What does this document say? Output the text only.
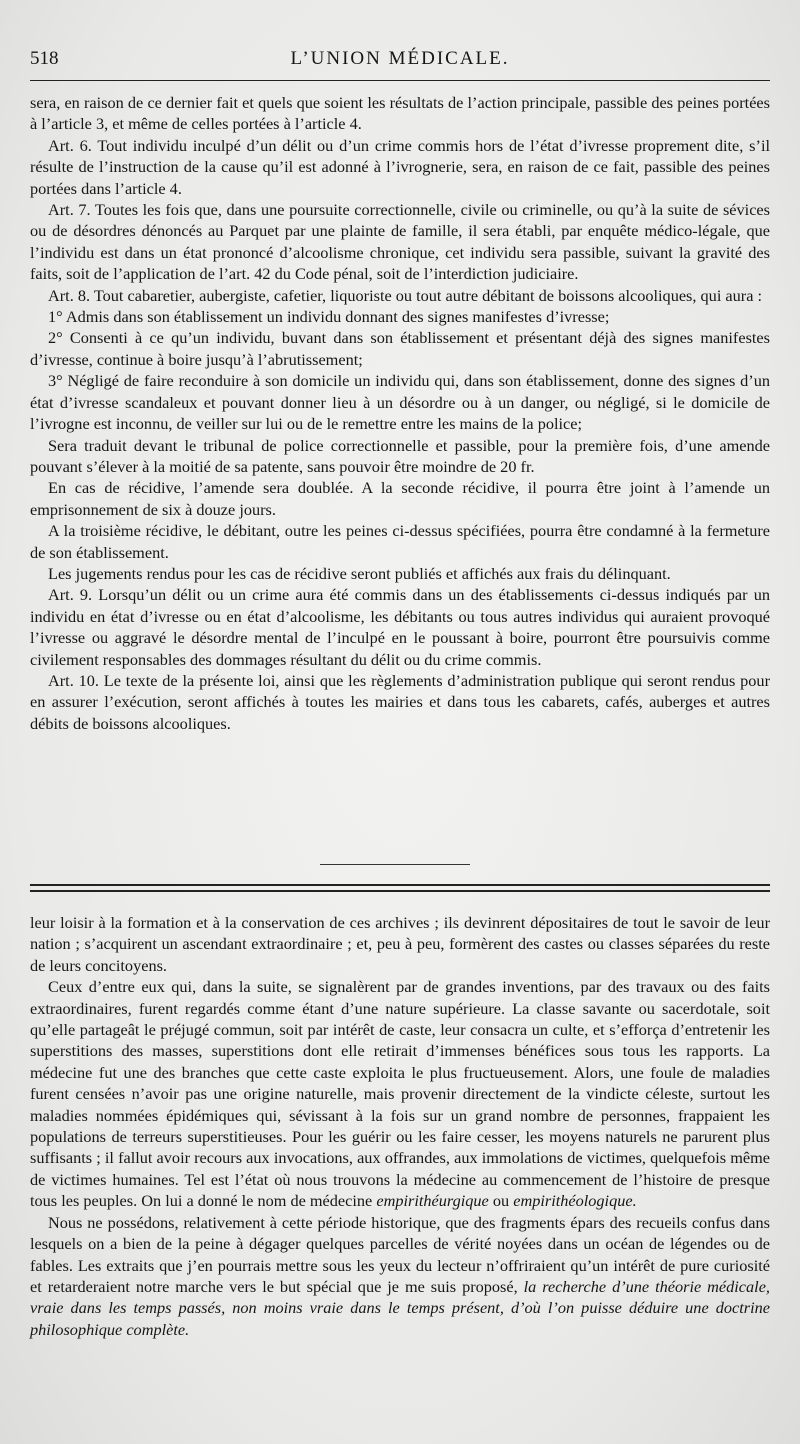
518	L’UNION MÉDICALE.

sera, en raison de ce dernier fait et quels que soient les résultats de l’action principale, passible des peines portées à l’article 3, et même de celles portées à l’article 4.

Art. 6. Tout individu inculpé d’un délit ou d’un crime commis hors de l’état d’ivresse proprement dite, s’il résulte de l’instruction de la cause qu’il est adonné à l’ivrognerie, sera, en raison de ce fait, passible des peines portées dans l’article 4.

Art. 7. Toutes les fois que, dans une poursuite correctionnelle, civile ou criminelle, ou qu’à la suite de sévices ou de désordres dénoncés au Parquet par une plainte de famille, il sera établi, par enquête médico-légale, que l’individu est dans un état prononcé d’alcoolisme chronique, cet individu sera passible, suivant la gravité des faits, soit de l’application de l’art. 42 du Code pénal, soit de l’interdiction judiciaire.

Art. 8. Tout cabaretier, aubergiste, cafetier, liquoriste ou tout autre débitant de boissons alcooliques, qui aura :

1° Admis dans son établissement un individu donnant des signes manifestes d’ivresse;

2° Consenti à ce qu’un individu, buvant dans son établissement et présentant déjà des signes manifestes d’ivresse, continue à boire jusqu’à l’abrutissement;

3° Négligé de faire reconduire à son domicile un individu qui, dans son établissement, donne des signes d’un état d’ivresse scandaleux et pouvant donner lieu à un désordre ou à un danger, ou négligé, si le domicile de l’ivrogne est inconnu, de veiller sur lui ou de le remettre entre les mains de la police;

Sera traduit devant le tribunal de police correctionnelle et passible, pour la première fois, d’une amende pouvant s’élever à la moitié de sa patente, sans pouvoir être moindre de 20 fr.

En cas de récidive, l’amende sera doublée. A la seconde récidive, il pourra être joint à l’amende un emprisonnement de six à douze jours.

A la troisième récidive, le débitant, outre les peines ci-dessus spécifiées, pourra être condamné à la fermeture de son établissement.

Les jugements rendus pour les cas de récidive seront publiés et affichés aux frais du délinquant.

Art. 9. Lorsqu’un délit ou un crime aura été commis dans un des établissements ci-dessus indiqués par un individu en état d’ivresse ou en état d’alcoolisme, les débitants ou tous autres individus qui auraient provoqué l’ivresse ou aggravé le désordre mental de l’inculpé en le poussant à boire, pourront être poursuivis comme civilement responsables des dommages résultant du délit ou du crime commis.

Art. 10. Le texte de la présente loi, ainsi que les règlements d’administration publique qui seront rendus pour en assurer l’exécution, seront affichés à toutes les mairies et dans tous les cabarets, cafés, auberges et autres débits de boissons alcooliques.

leur loisir à la formation et à la conservation de ces archives ; ils devinrent dépositaires de tout le savoir de leur nation ; s’acquirent un ascendant extraordinaire ; et, peu à peu, formèrent des castes ou classes séparées du reste de leurs concitoyens.

Ceux d’entre eux qui, dans la suite, se signalèrent par de grandes inventions, par des travaux ou des faits extraordinaires, furent regardés comme étant d’une nature supérieure. La classe savante ou sacerdotale, soit qu’elle partageât le préjugé commun, soit par intérêt de caste, leur consacra un culte, et s’efforça d’entretenir les superstitions des masses, superstitions dont elle retirait d’immenses bénéfices sous tous les rapports. La médecine fut une des branches que cette caste exploita le plus fructueusement. Alors, une foule de maladies furent censées n’avoir pas une origine naturelle, mais provenir directement de la vindicte céleste, surtout les maladies nommées épidémiques qui, sévissant à la fois sur un grand nombre de personnes, frappaient les populations de terreurs superstitieuses. Pour les guérir ou les faire cesser, les moyens naturels ne parurent plus suffisants ; il fallut avoir recours aux invocations, aux offrandes, aux immolations de victimes, quelquefois même de victimes humaines. Tel est l’état où nous trouvons la médecine au commencement de l’histoire de presque tous les peuples. On lui a donné le nom de médecine empirithéurgique ou empirithéologique.

Nous ne possédons, relativement à cette période historique, que des fragments épars des recueils confus dans lesquels on a bien de la peine à dégager quelques parcelles de vérité noyées dans un océan de légendes ou de fables. Les extraits que j’en pourrais mettre sous les yeux du lecteur n’offriraient qu’un intérêt de pure curiosité et retarderaient notre marche vers le but spécial que je me suis proposé, la recherche d’une théorie médicale, vraie dans les temps passés, non moins vraie dans le temps présent, d’où l’on puisse déduire une doctrine philosophique complète.
